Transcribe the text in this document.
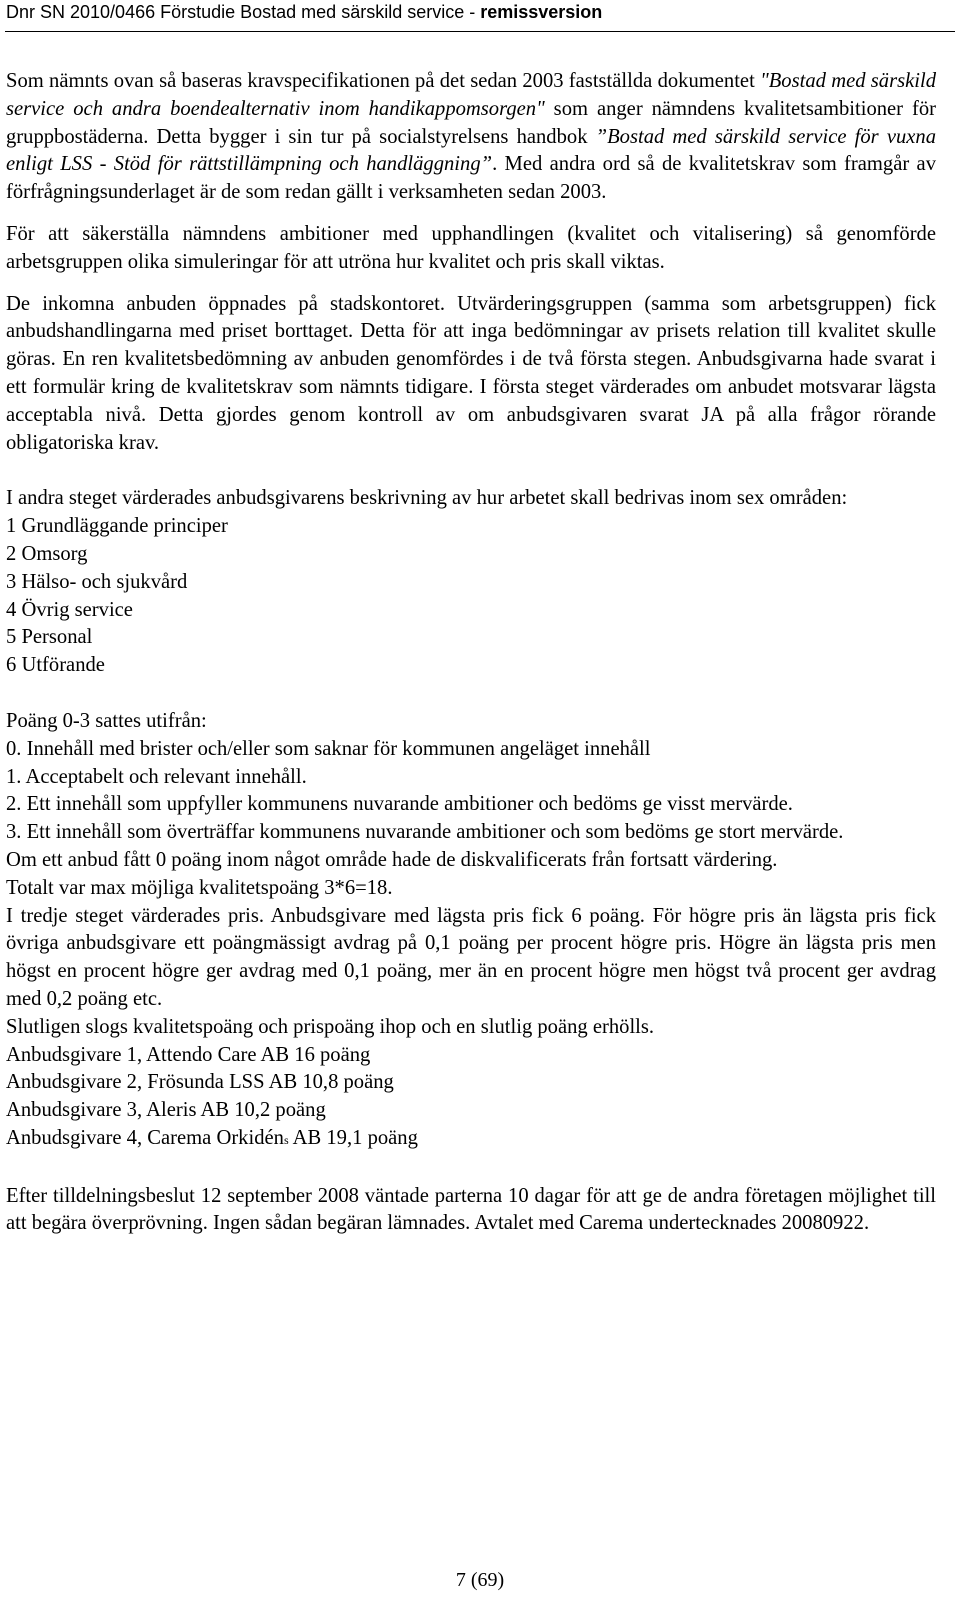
Dnr SN 2010/0466 Förstudie Bostad med särskild service - remissversion

Som nämnts ovan så baseras kravspecifikationen på det sedan 2003 fastställda dokumentet "Bostad med särskild service och andra boendealternativ inom handikappomsorgen" som anger nämndens kvalitetsambitioner för gruppbostäderna. Detta bygger i sin tur på socialstyrelsens handbok ”Bostad med särskild service för vuxna enligt LSS - Stöd för rättstillämpning och handläggning”. Med andra ord så de kvalitetskrav som framgår av förfrågningsunderlaget är de som redan gällt i verksamheten sedan 2003.

För att säkerställa nämndens ambitioner med upphandlingen (kvalitet och vitalisering) så genomförde arbetsgruppen olika simuleringar för att utröna hur kvalitet och pris skall viktas.

De inkomna anbuden öppnades på stadskontoret. Utvärderingsgruppen (samma som arbetsgruppen) fick anbudshandlingarna med priset borttaget. Detta för att inga bedömningar av prisets relation till kvalitet skulle göras. En ren kvalitetsbedömning av anbuden genomfördes i de två första stegen. Anbudsgivarna hade svarat i ett formulär kring de kvalitetskrav som nämnts tidigare. I första steget värderades om anbudet motsvarar lägsta acceptabla nivå. Detta gjordes genom kontroll av om anbudsgivaren svarat JA på alla frågor rörande obligatoriska krav.

I andra steget värderades anbudsgivarens beskrivning av hur arbetet skall bedrivas inom sex områden:

1 Grundläggande principer

2 Omsorg

3 Hälso- och sjukvård

4 Övrig service

5 Personal

6 Utförande

Poäng 0-3 sattes utifrån:

0. Innehåll med brister och/eller som saknar för kommunen angeläget innehåll

1. Acceptabelt och relevant innehåll.

2. Ett innehåll som uppfyller kommunens nuvarande ambitioner och bedöms ge visst mervärde.

3. Ett innehåll som överträffar kommunens nuvarande ambitioner och som bedöms ge stort mervärde.

Om ett anbud fått 0 poäng inom något område hade de diskvalificerats från fortsatt värdering.

Totalt var max möjliga kvalitetspoäng 3*6=18.

I tredje steget värderades pris. Anbudsgivare med lägsta pris fick 6 poäng. För högre pris än lägsta pris fick övriga anbudsgivare ett poängmässigt avdrag på 0,1 poäng per procent högre pris. Högre än lägsta pris men högst en procent högre ger avdrag med 0,1 poäng, mer än en procent högre men högst två procent ger avdrag med 0,2 poäng etc.

Slutligen slogs kvalitetspoäng och prispoäng ihop och en slutlig poäng erhölls.

Anbudsgivare 1, Attendo Care AB 16 poäng

Anbudsgivare 2, Frösunda LSS AB 10,8 poäng

Anbudsgivare 3, Aleris AB 10,2 poäng

Anbudsgivare 4, Carema Orkidéns AB 19,1 poäng

Efter tilldelningsbeslut 12 september 2008 väntade parterna 10 dagar för att ge de andra företagen möjlighet till att begära överprövning. Ingen sådan begäran lämnades. Avtalet med Carema undertecknades 20080922.

7 (69)
